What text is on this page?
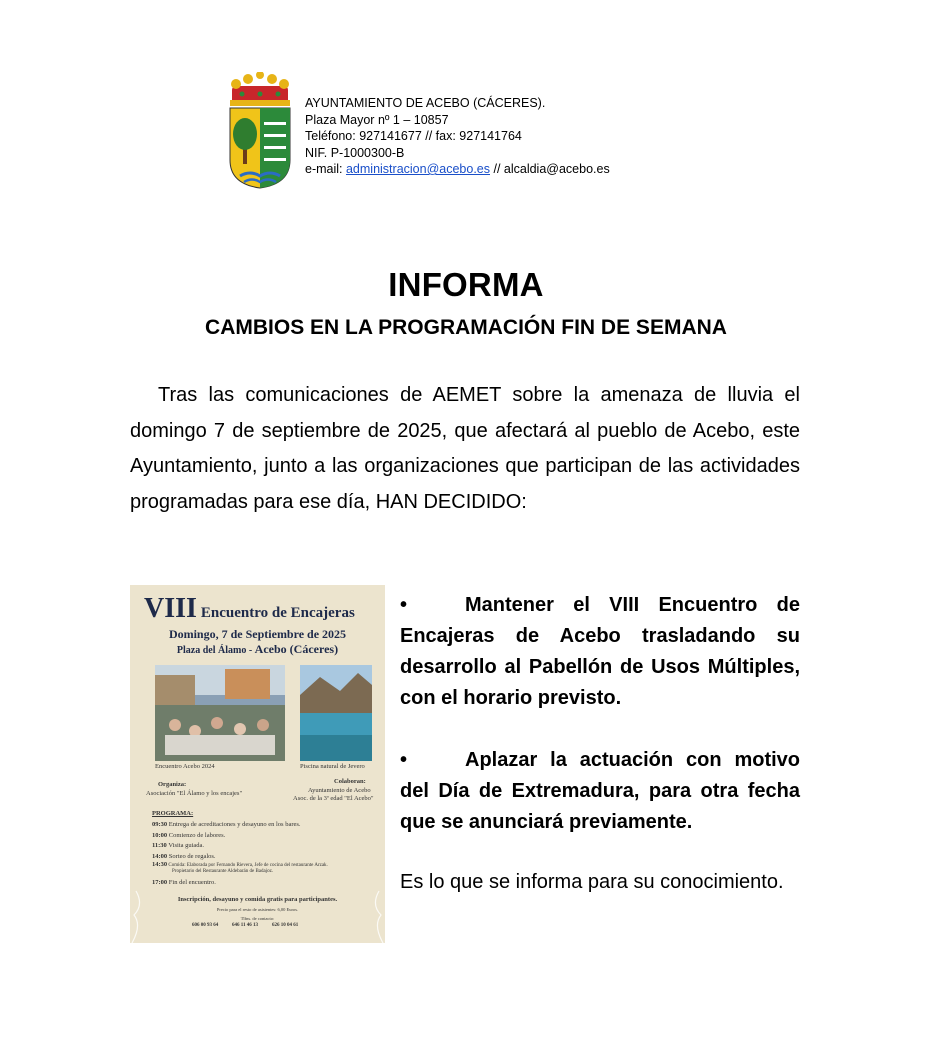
AYUNTAMIENTO DE ACEBO (CÁCERES).
Plaza Mayor nº 1 – 10857
Teléfono: 927141677 // fax: 927141764
NIF. P-1000300-B
e-mail: administracion@acebo.es // alcaldia@acebo.es
INFORMA
CAMBIOS EN LA PROGRAMACIÓN FIN DE SEMANA
Tras las comunicaciones de AEMET sobre la amenaza de lluvia el domingo 7 de septiembre de 2025, que afectará al pueblo de Acebo, este Ayuntamiento, junto a las organizaciones que participan de las actividades programadas para ese día, HAN DECIDIDO:
VIII Encuentro de Encajeras
Domingo, 7 de Septiembre de 2025
Plaza del Álamo - Acebo (Cáceres)
Encuentro Acebo 2024	Piscina natural de Jevero
Organiza:
Asociación "El Álamo y los encajes"
Colaboran:
Ayuntamiento de Acebo
Asoc. de la 3ª edad "El Acebo"
PROGRAMA:
09:30 Entrega de acreditaciones y desayuno en los bares.
10:00 Comienzo de labores.
11:30 Visita guiada.
14:00 Sorteo de regalos.
14:30 Comida: Elaborada por Fernando Rievera, Jefe de cocina del restaurante Arzak.
Propietario del Restaurante Aldebarán de Badajoz.
17:00 Fin del encuentro.
Inscripción, desayuno y comida gratis para participantes.
Precio para el resto de asistentes: 6,00 Euros.
Tlfns. de contacto:
606 00 93 64	646 11 46 13	626 10 04 61
•	Mantener el VIII Encuentro de Encajeras de Acebo trasladando su desarrollo al Pabellón de Usos Múltiples, con el horario previsto.
•	Aplazar la actuación con motivo del Día de Extremadura, para otra fecha que se anunciará previamente.
Es lo que se informa para su conocimiento.
